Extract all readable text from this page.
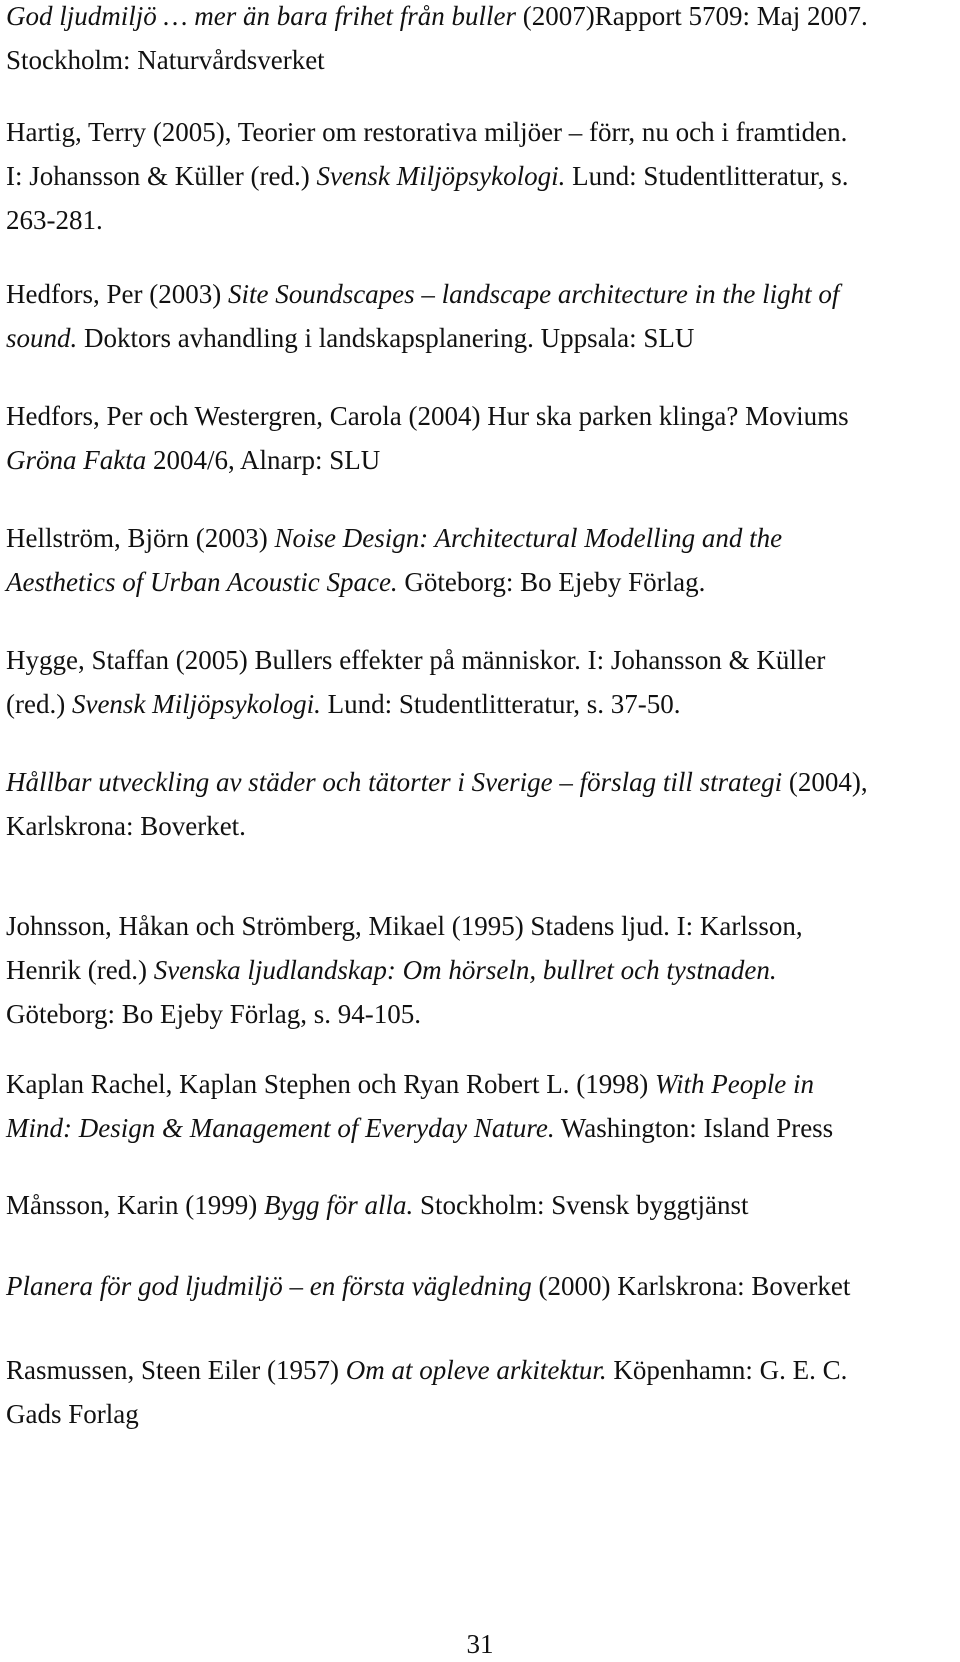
God ljudmiljö … mer än bara frihet från buller (2007)Rapport 5709: Maj 2007.
Stockholm: Naturvårdsverket

Hartig, Terry (2005), Teorier om restorativa miljöer – förr, nu och i framtiden.
I: Johansson & Küller (red.) Svensk Miljöpsykologi. Lund: Studentlitteratur, s.
263-281.

Hedfors, Per (2003) Site Soundscapes – landscape architecture in the light of
sound. Doktors avhandling i landskapsplanering. Uppsala: SLU

Hedfors, Per och Westergren, Carola (2004) Hur ska parken klinga? Moviums
Gröna Fakta 2004/6, Alnarp: SLU

Hellström, Björn (2003) Noise Design: Architectural Modelling and the
Aesthetics of Urban Acoustic Space. Göteborg: Bo Ejeby Förlag.

Hygge, Staffan (2005) Bullers effekter på människor. I: Johansson & Küller
(red.) Svensk Miljöpsykologi. Lund: Studentlitteratur, s. 37-50.

Hållbar utveckling av städer och tätorter i Sverige – förslag till strategi (2004),
Karlskrona: Boverket.

Johnsson, Håkan och Strömberg, Mikael (1995) Stadens ljud. I: Karlsson,
Henrik (red.) Svenska ljudlandskap: Om hörseln, bullret och tystnaden.
Göteborg: Bo Ejeby Förlag, s. 94-105.

Kaplan Rachel, Kaplan Stephen och Ryan Robert L. (1998) With People in
Mind: Design & Management of Everyday Nature. Washington: Island Press

Månsson, Karin (1999) Bygg för alla. Stockholm: Svensk byggtjänst

Planera för god ljudmiljö – en första vägledning (2000) Karlskrona: Boverket

Rasmussen, Steen Eiler (1957) Om at opleve arkitektur. Köpenhamn: G. E. C.
Gads Forlag

31
